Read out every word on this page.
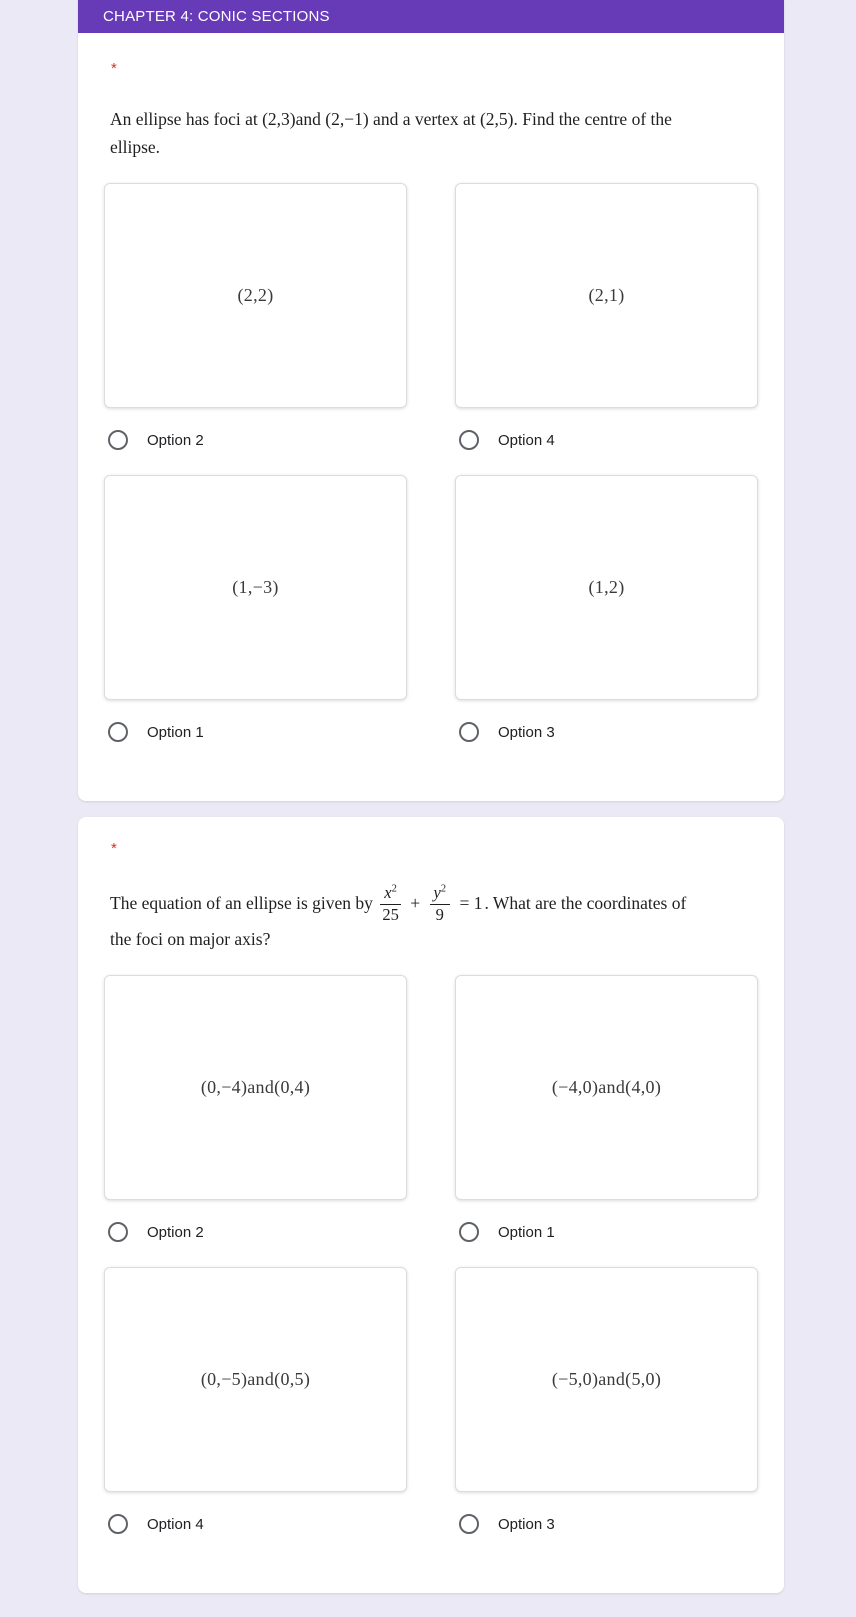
CHAPTER 4: CONIC SECTIONS
*
An ellipse has foci at (2,3)and (2,−1) and a vertex at (2,5). Find the centre of the ellipse.
(2,2)
Option 2
(2,1)
Option 4
(1,−3)
Option 1
(1,2)
Option 3
*
The equation of an ellipse is given by $\frac{x^2}{25} + \frac{y^2}{9} = 1$ . What are the coordinates of the foci on major axis?
(0,−4)and(0,4)
Option 2
(−4,0)and(4,0)
Option 1
(0,−5)and(0,5)
Option 4
(−5,0)and(5,0)
Option 3
